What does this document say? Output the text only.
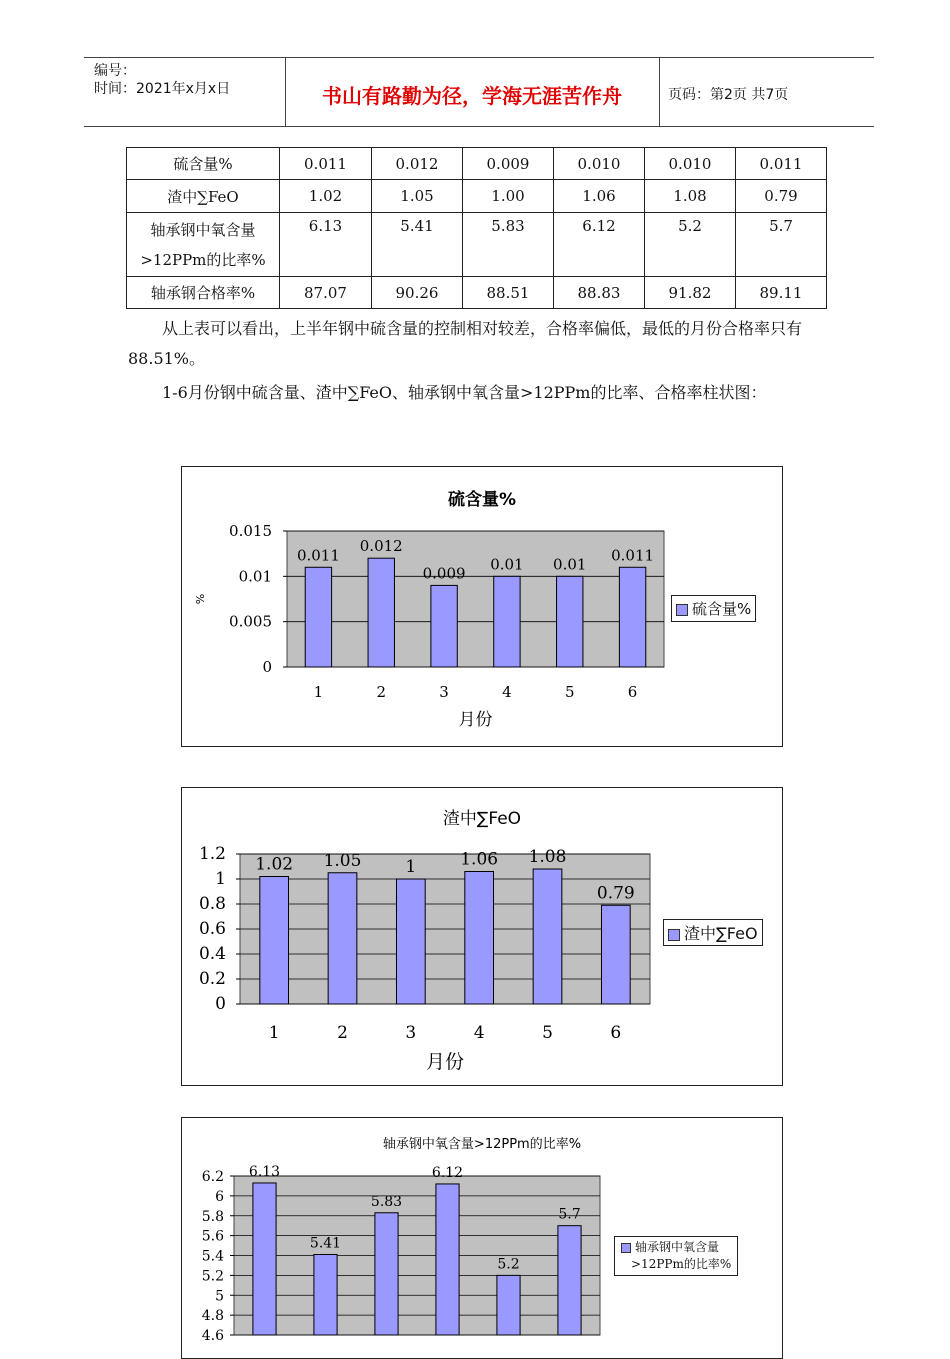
编号：
时间：2021年x月x日	书山有路勤为径，学海无涯苦作舟	页码：第2页 共7页
硫含量%	0.011	0.012	0.009	0.010	0.010	0.011
渣中∑FeO	1.02	1.05	1.00	1.06	1.08	0.79

轴承钢中氧含量
>12PPm的比率%	6.13	5.41	5.83	6.12	5.2	5.7
轴承钢合格率%	87.07	90.26	88.51	88.83	91.82	89.11
从上表可以看出，上半年钢中硫含量的控制相对较差，合格率偏低，最低的月份合格率只有88.51%。
1-6月份钢中硫含量、渣中∑FeO、轴承钢中氧含量>12PPm的比率、合格率柱状图：
0
0.005
0.01
0.015
0.011
1
0.012
2
0.009
3
0.01
4
0.01
5
0.011
6
硫含量%
月份
%
硫含量%
0
0.2
0.4
0.6
0.8
1
1.2
1.02
1
1.05
2
1
3
1.06
4
1.08
5
0.79
6
渣中∑FeO
月份
渣中∑FeO
4.6
4.8
5
5.2
5.4
5.6
5.8
6
6.2 6.13
5.41
5.83
6.12
5.2
5.7
轴承钢中氧含量>12PPm的比率%
轴承钢中氧含量
>12PPm的比率%
